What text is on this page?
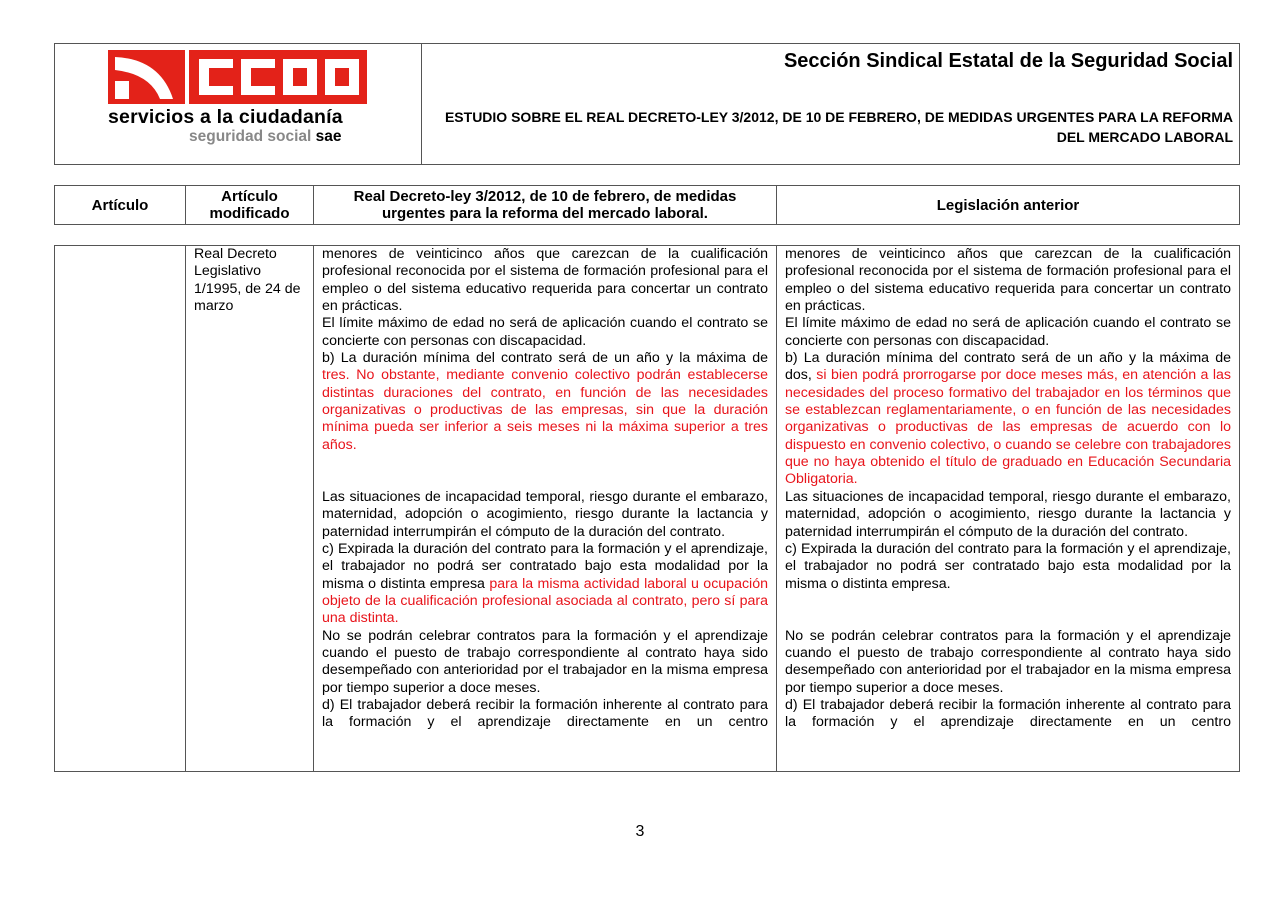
servicios a la ciudadanía
seguridad social sae
Sección Sindical Estatal de la Seguridad Social
ESTUDIO SOBRE EL REAL DECRETO-LEY 3/2012, DE 10 DE FEBRERO, DE MEDIDAS URGENTES PARA LA REFORMA DEL MERCADO LABORAL
Artículo	Artículo modificado
Real Decreto-ley 3/2012, de 10 de febrero, de medidas urgentes para la reforma del mercado laboral.	Legislación anterior
Real Decreto Legislativo 1/1995, de 24 de marzo

menores de veinticinco años que carezcan de la cualificación profesional reconocida por el sistema de formación profesional para el empleo o del sistema educativo requerida para concertar un contrato en prácticas.

El límite máximo de edad no será de aplicación cuando el contrato se concierte con personas con discapacidad.

b) La duración mínima del contrato será de un año y la máxima de tres. No obstante, mediante convenio colectivo podrán establecerse distintas duraciones del contrato, en función de las necesidades organizativas o productivas de las empresas, sin que la duración mínima pueda ser inferior a seis meses ni la máxima superior a tres años.

Las situaciones de incapacidad temporal, riesgo durante el embarazo, maternidad, adopción o acogimiento, riesgo durante la lactancia y paternidad interrumpirán el cómputo de la duración del contrato.

c) Expirada la duración del contrato para la formación y el aprendizaje, el trabajador no podrá ser contratado bajo esta modalidad por la misma o distinta empresa para la misma actividad laboral u ocupación objeto de la cualificación profesional asociada al contrato, pero sí para una distinta.

No se podrán celebrar contratos para la formación y el aprendizaje cuando el puesto de trabajo correspondiente al contrato haya sido desempeñado con anterioridad por el trabajador en la misma empresa por tiempo superior a doce meses.

d) El trabajador deberá recibir la formación inherente al contrato para la formación y el aprendizaje directamente en un centro

menores de veinticinco años que carezcan de la cualificación profesional reconocida por el sistema de formación profesional para el empleo o del sistema educativo requerida para concertar un contrato en prácticas.

El límite máximo de edad no será de aplicación cuando el contrato se concierte con personas con discapacidad.

b) La duración mínima del contrato será de un año y la máxima de dos, si bien podrá prorrogarse por doce meses más, en atención a las necesidades del proceso formativo del trabajador en los términos que se establezcan reglamentariamente, o en función de las necesidades organizativas o productivas de las empresas de acuerdo con lo dispuesto en convenio colectivo, o cuando se celebre con trabajadores que no haya obtenido el título de graduado en Educación Secundaria Obligatoria.

Las situaciones de incapacidad temporal, riesgo durante el embarazo, maternidad, adopción o acogimiento, riesgo durante la lactancia y paternidad interrumpirán el cómputo de la duración del contrato.

c) Expirada la duración del contrato para la formación y el aprendizaje, el trabajador no podrá ser contratado bajo esta modalidad por la misma o distinta empresa.

No se podrán celebrar contratos para la formación y el aprendizaje cuando el puesto de trabajo correspondiente al contrato haya sido desempeñado con anterioridad por el trabajador en la misma empresa por tiempo superior a doce meses.

d) El trabajador deberá recibir la formación inherente al contrato para la formación y el aprendizaje directamente en un centro

3
